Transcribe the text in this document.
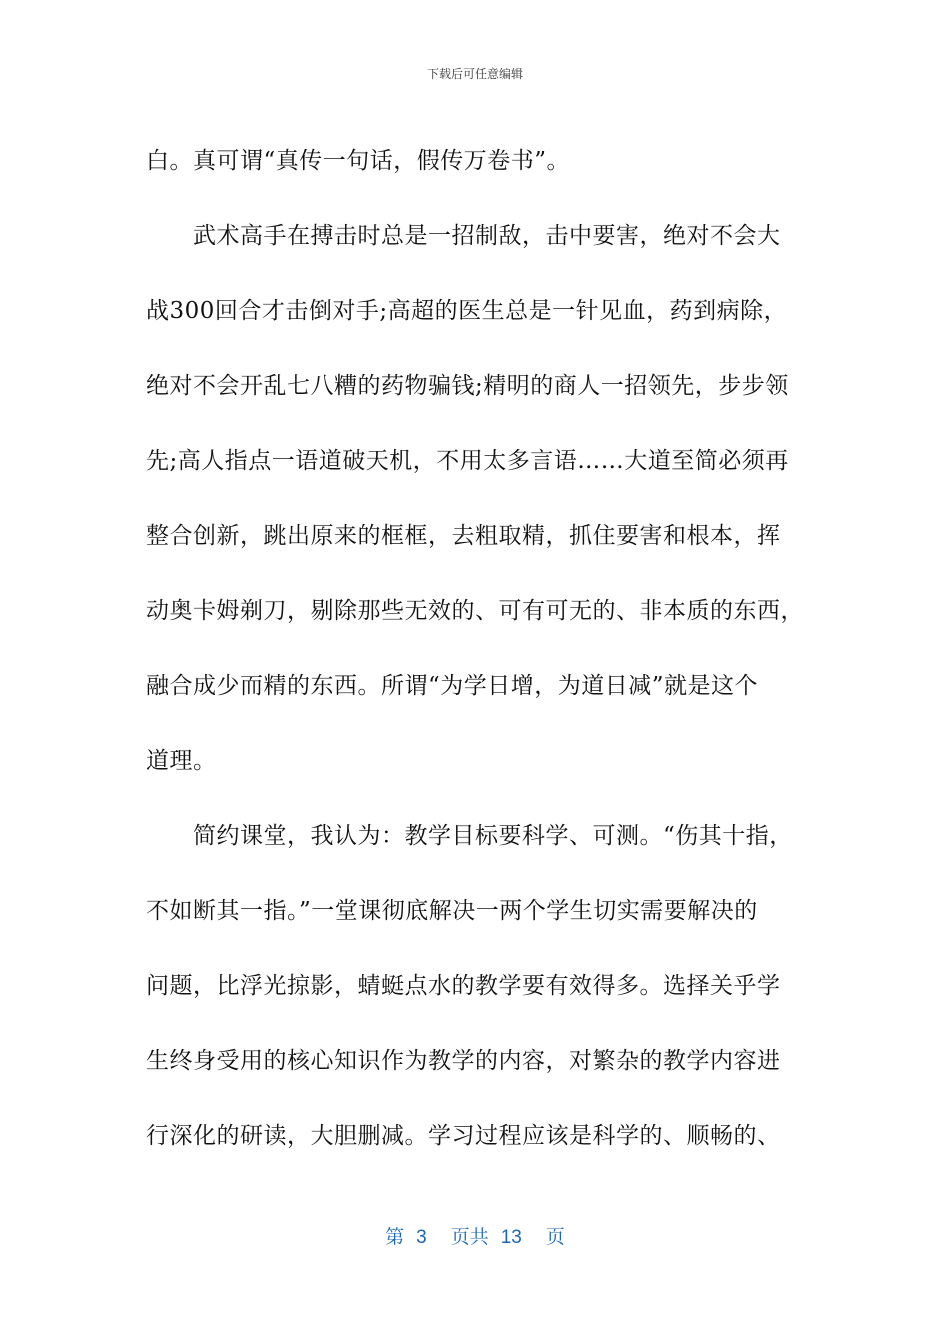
下载后可任意编辑
白。真可谓“真传一句话，假传万卷书”。
　　武术高手在搏击时总是一招制敌，击中要害，绝对不会大
战300回合才击倒对手;高超的医生总是一针见血，药到病除，
绝对不会开乱七八糟的药物骗钱;精明的商人一招领先，步步领
先;高人指点一语道破天机，不用太多言语……大道至简必须再
整合创新，跳出原来的框框，去粗取精，抓住要害和根本，挥
动奥卡姆剃刀，剔除那些无效的、可有可无的、非本质的东西，
融合成少而精的东西。所谓“为学日增，为道日减”就是这个
道理。
　　简约课堂，我认为：教学目标要科学、可测。“伤其十指，
不如断其一指。”一堂课彻底解决一两个学生切实需要解决的
问题，比浮光掠影，蜻蜓点水的教学要有效得多。选择关乎学
生终身受用的核心知识作为教学的内容，对繁杂的教学内容进
行深化的研读，大胆删减。学习过程应该是科学的、顺畅的、
第 3 页共 13 页
